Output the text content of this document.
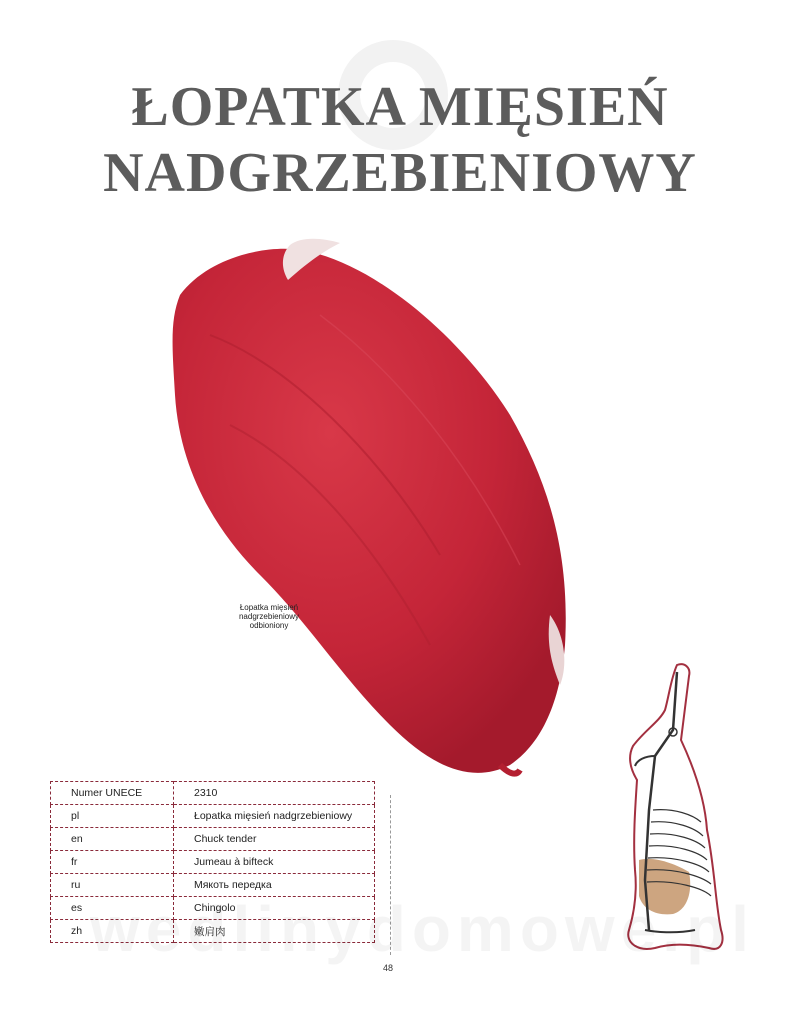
ŁOPATKA MIĘSIEŃ
NADGRZEBIENIOWY
Łopatka mięsień
nadgrzebieniowy
odbioniony
Numer UNECE	2310
pl	Łopatka mięsień nadgrzebieniowy
en	Chuck tender
fr	Jumeau à bifteck
ru	Мякоть передка
es	Chingolo
zh	嫩肩肉
48
